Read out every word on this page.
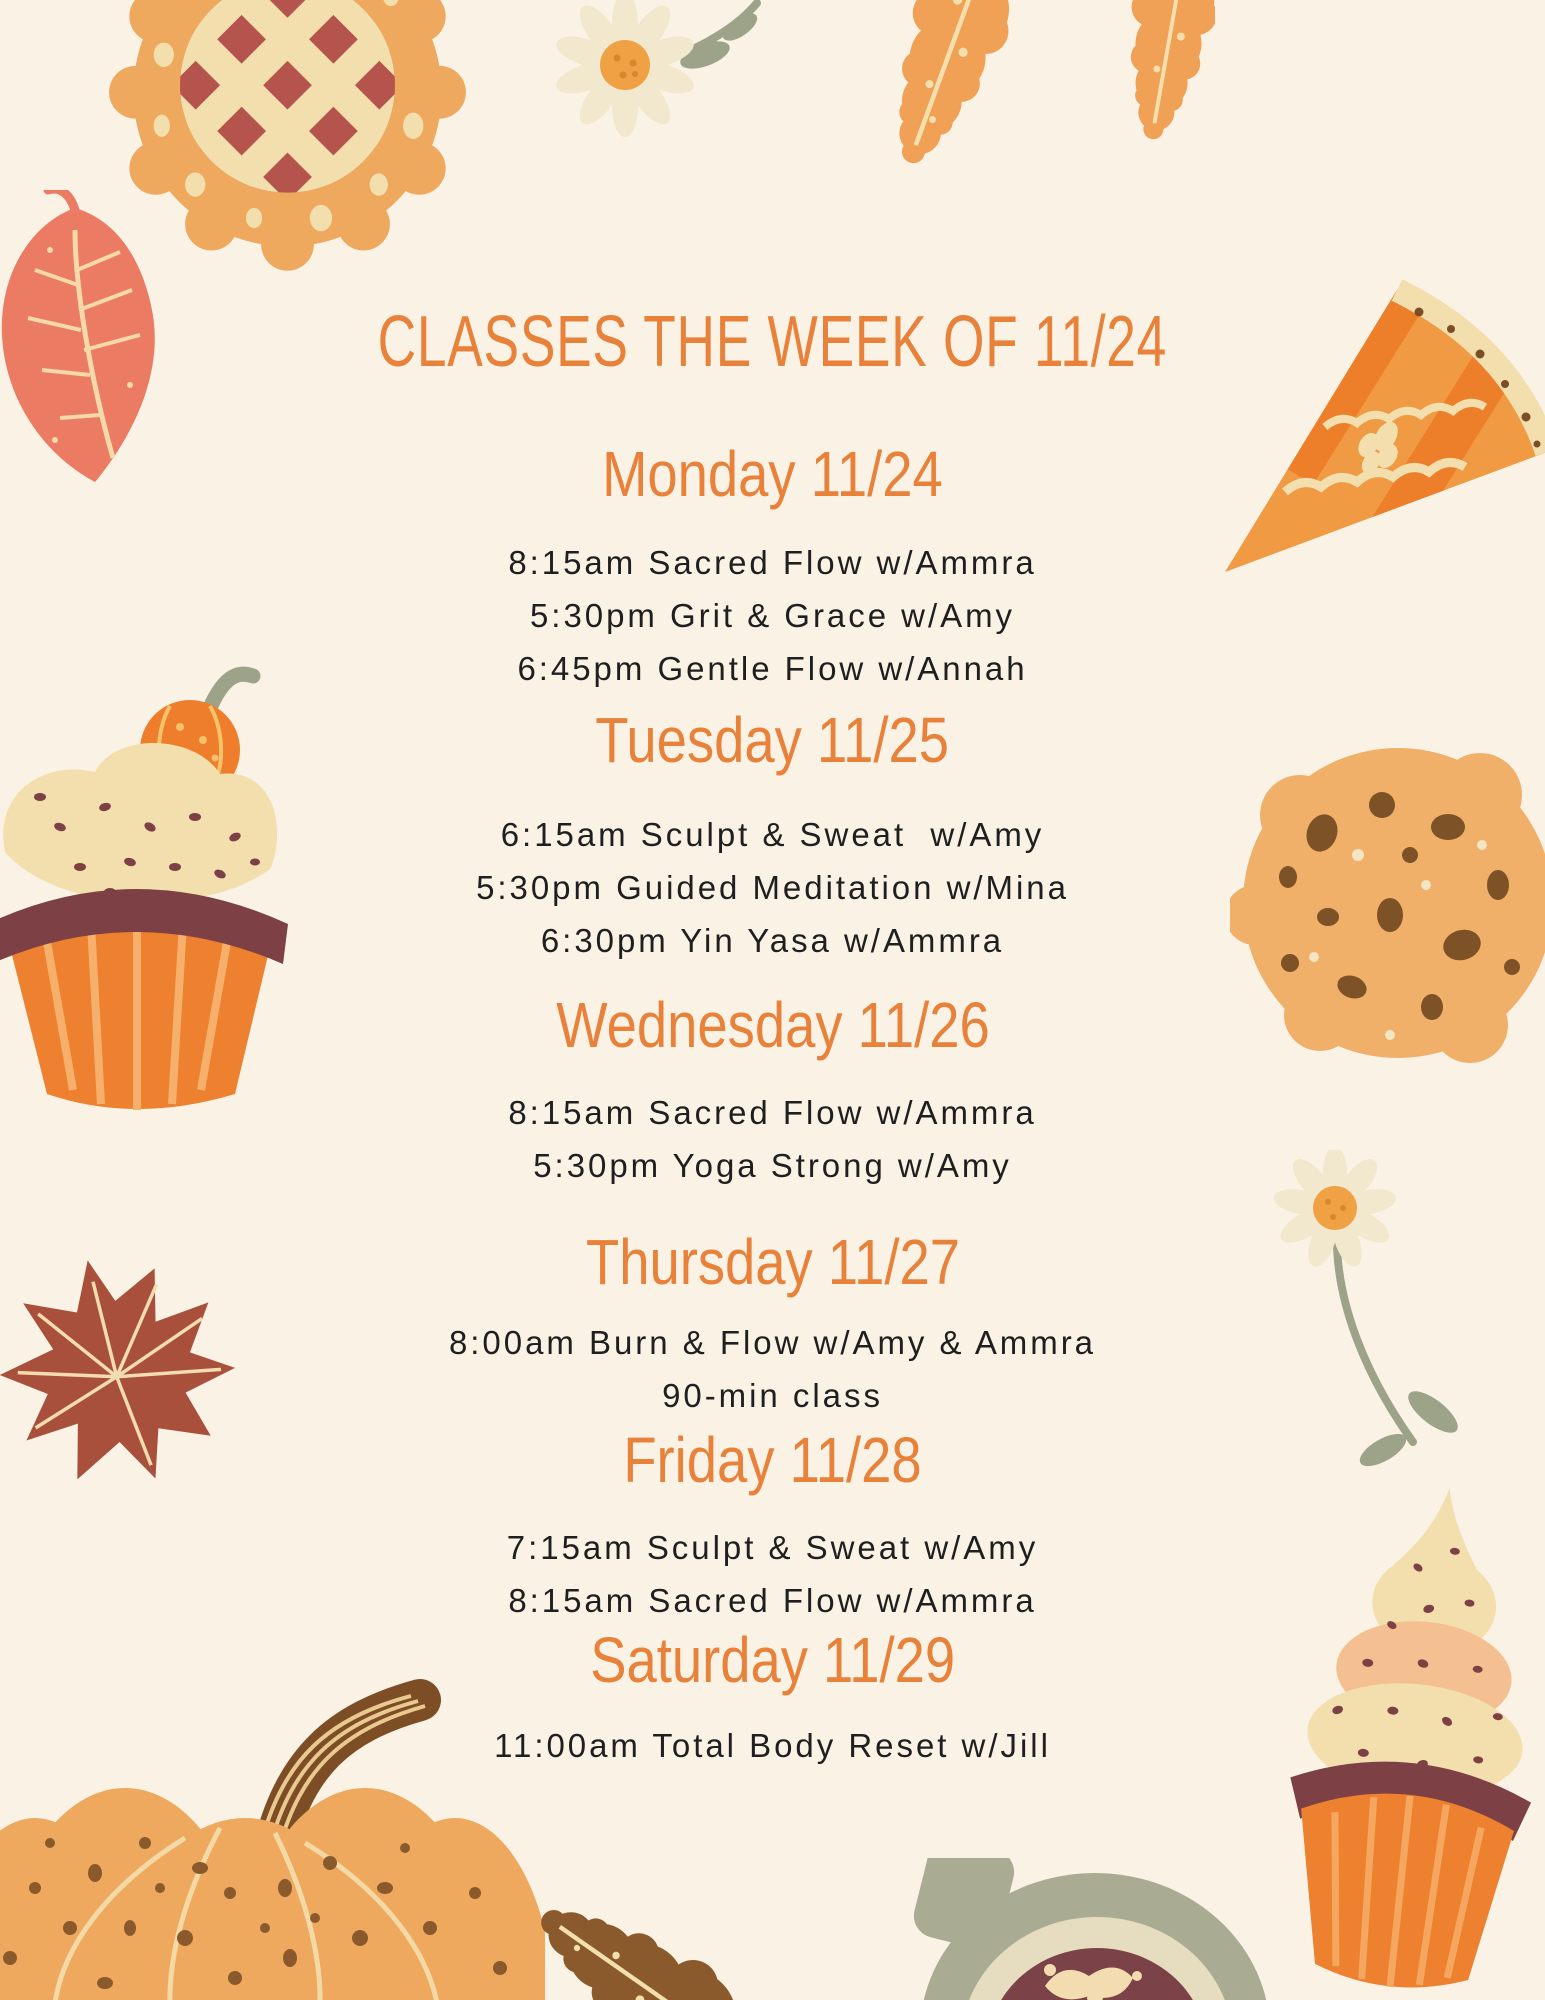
CLASSES THE WEEK OF 11/24
Monday 11/24
8:15am Sacred Flow w/Ammra
5:30pm Grit & Grace w/Amy
6:45pm Gentle Flow w/Annah
Tuesday 11/25
6:15am Sculpt & Sweat  w/Amy
5:30pm Guided Meditation w/Mina
6:30pm Yin Yasa w/Ammra
Wednesday 11/26
8:15am Sacred Flow w/Ammra
5:30pm Yoga Strong w/Amy
Thursday 11/27
8:00am Burn & Flow w/Amy & Ammra
90-min class
Friday 11/28
7:15am Sculpt & Sweat w/Amy
8:15am Sacred Flow w/Ammra
Saturday 11/29
11:00am Total Body Reset w/Jill
